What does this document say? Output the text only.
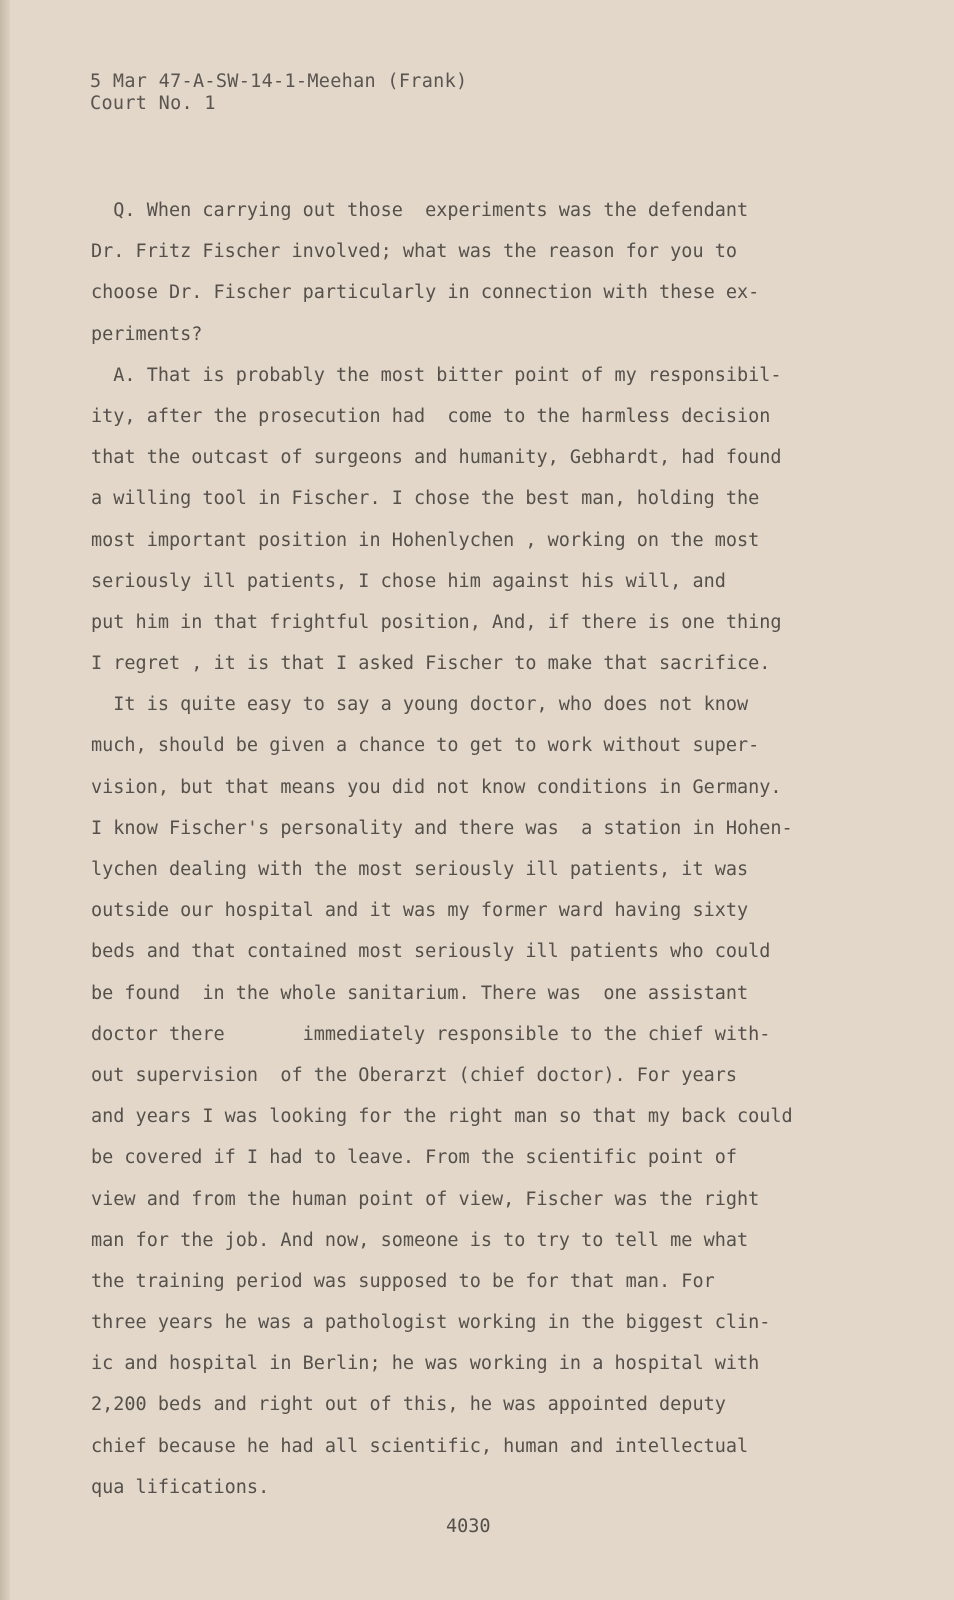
5 Mar 47-A-SW-14-1-Meehan (Frank)
Court No. 1
Q. When carrying out those  experiments was the defendant
Dr. Fritz Fischer involved; what was the reason for you to
choose Dr. Fischer particularly in connection with these ex-
periments?
A. That is probably the most bitter point of my responsibil-
ity, after the prosecution had  come to the harmless decision
that the outcast of surgeons and humanity, Gebhardt, had found
a willing tool in Fischer. I chose the best man, holding the
most important position in Hohenlychen , working on the most
seriously ill patients, I chose him against his will, and
put him in that frightful position, And, if there is one thing
I regret , it is that I asked Fischer to make that sacrifice.
It is quite easy to say a young doctor, who does not know
much, should be given a chance to get to work without super-
vision, but that means you did not know conditions in Germany.
I know Fischer's personality and there was  a station in Hohen-
lychen dealing with the most seriously ill patients, it was
outside our hospital and it was my former ward having sixty
beds and that contained most seriously ill patients who could
be found  in the whole sanitarium. There was  one assistant
doctor there       immediately responsible to the chief with-
out supervision  of the Oberarzt (chief doctor). For years
and years I was looking for the right man so that my back could
be covered if I had to leave. From the scientific point of
view and from the human point of view, Fischer was the right
man for the job. And now, someone is to try to tell me what
the training period was supposed to be for that man. For
three years he was a pathologist working in the biggest clin-
ic and hospital in Berlin; he was working in a hospital with
2,200 beds and right out of this, he was appointed deputy
chief because he had all scientific, human and intellectual
qua lifications.
4030
